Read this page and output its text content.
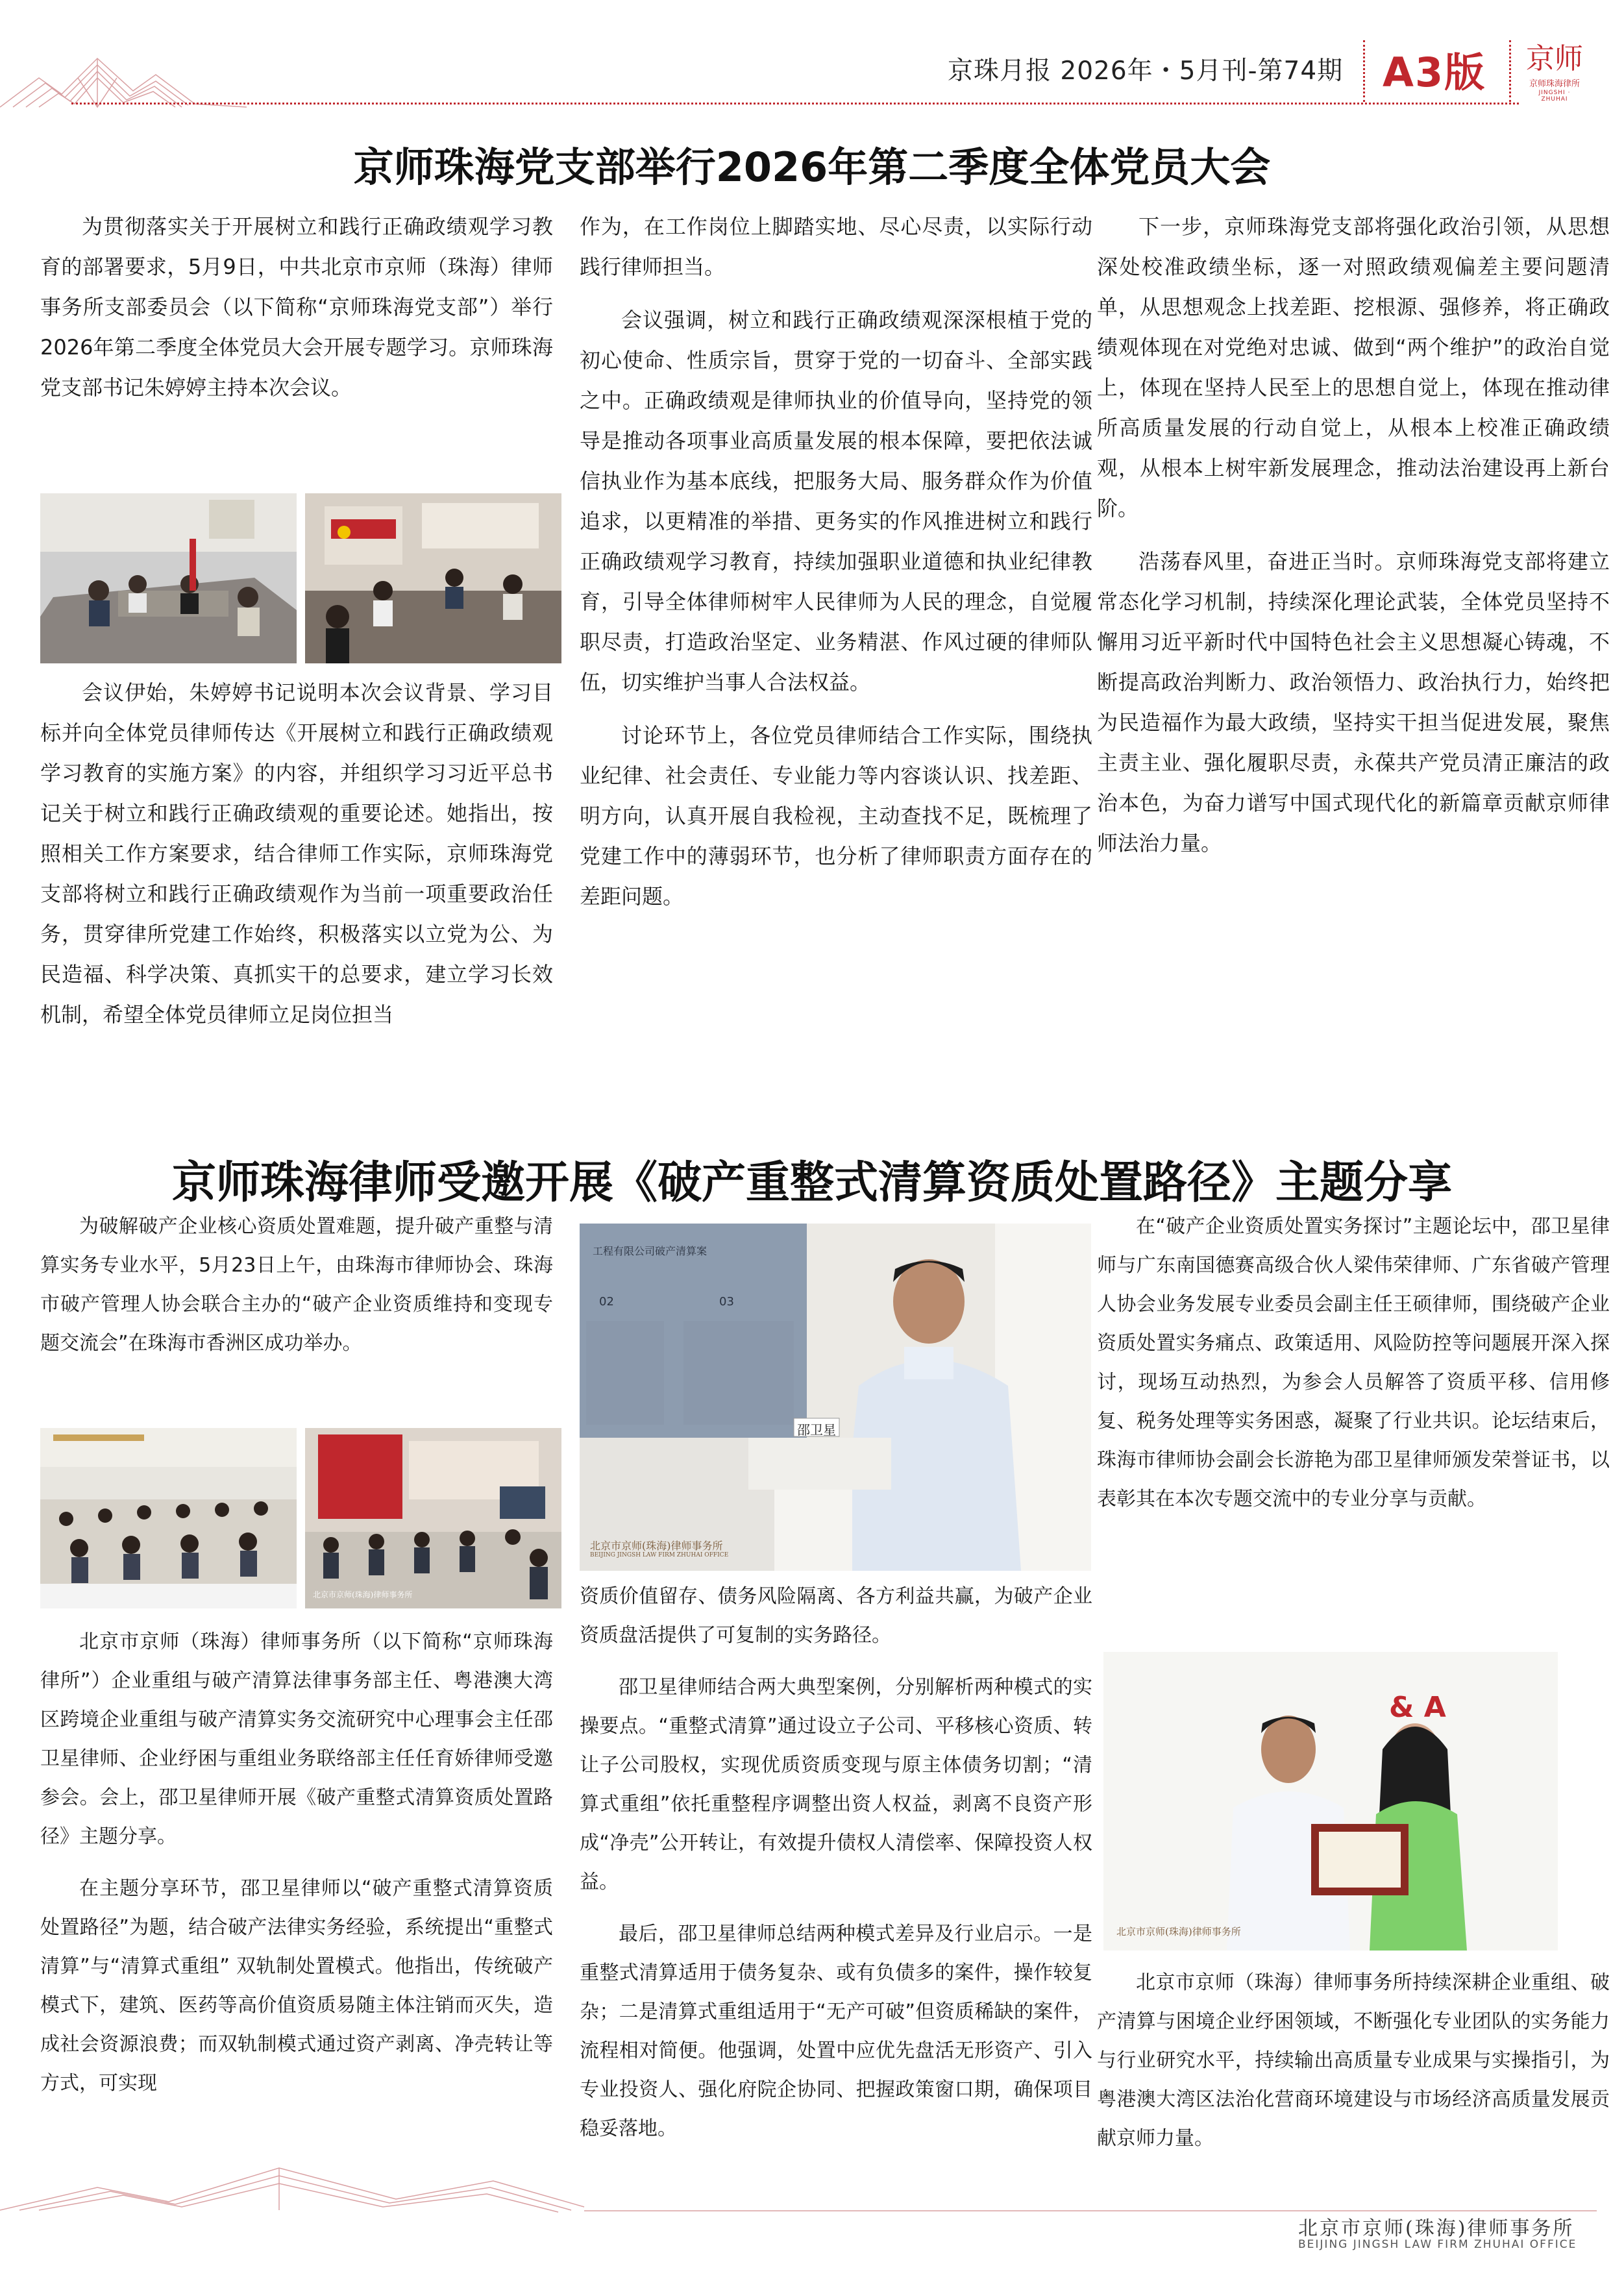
京珠月报 2026年・5月刊-第74期 A3版 京师
京师珠海律所
JINGSHI · ZHUHAI
京师珠海党支部举行2026年第二季度全体党员大会

为贯彻落实关于开展树立和践行正确政绩观学习教育的部署要求，5月9日，中共北京市京师（珠海）律师事务所支部委员会（以下简称“京师珠海党支部”）举行2026年第二季度全体党员大会开展专题学习。京师珠海党支部书记朱婷婷主持本次会议。

会议伊始，朱婷婷书记说明本次会议背景、学习目标并向全体党员律师传达《开展树立和践行正确政绩观学习教育的实施方案》的内容，并组织学习习近平总书记关于树立和践行正确政绩观的重要论述。她指出，按照相关工作方案要求，结合律师工作实际，京师珠海党支部将树立和践行正确政绩观作为当前一项重要政治任务，贯穿律所党建工作始终，积极落实以立党为公、为民造福、科学决策、真抓实干的总要求，建立学习长效机制，希望全体党员律师立足岗位担当

作为，在工作岗位上脚踏实地、尽心尽责，以实际行动践行律师担当。

会议强调，树立和践行正确政绩观深深根植于党的初心使命、性质宗旨，贯穿于党的一切奋斗、全部实践之中。正确政绩观是律师执业的价值导向，坚持党的领导是推动各项事业高质量发展的根本保障，要把依法诚信执业作为基本底线，把服务大局、服务群众作为价值追求，以更精准的举措、更务实的作风推进树立和践行正确政绩观学习教育，持续加强职业道德和执业纪律教育，引导全体律师树牢人民律师为人民的理念，自觉履职尽责，打造政治坚定、业务精湛、作风过硬的律师队伍，切实维护当事人合法权益。

讨论环节上，各位党员律师结合工作实际，围绕执业纪律、社会责任、专业能力等内容谈认识、找差距、明方向，认真开展自我检视，主动查找不足，既梳理了党建工作中的薄弱环节，也分析了律师职责方面存在的差距问题。

下一步，京师珠海党支部将强化政治引领，从思想深处校准政绩坐标，逐一对照政绩观偏差主要问题清单，从思想观念上找差距、挖根源、强修养，将正确政绩观体现在对党绝对忠诚、做到“两个维护”的政治自觉上，体现在坚持人民至上的思想自觉上，体现在推动律所高质量发展的行动自觉上，从根本上校准正确政绩观，从根本上树牢新发展理念，推动法治建设再上新台阶。

浩荡春风里，奋进正当时。京师珠海党支部将建立常态化学习机制，持续深化理论武装，全体党员坚持不懈用习近平新时代中国特色社会主义思想凝心铸魂，不断提高政治判断力、政治领悟力、政治执行力，始终把为民造福作为最大政绩，坚持实干担当促进发展，聚焦主责主业、强化履职尽责，永葆共产党员清正廉洁的政治本色，为奋力谱写中国式现代化的新篇章贡献京师律师法治力量。

京师珠海律师受邀开展《破产重整式清算资质处置路径》主题分享

为破解破产企业核心资质处置难题，提升破产重整与清算实务专业水平，5月23日上午，由珠海市律师协会、珠海市破产管理人协会联合主办的“破产企业资质维持和变现专题交流会”在珠海市香洲区成功举办。

北京市京师(珠海)律师事务所

北京市京师（珠海）律师事务所（以下简称“京师珠海律所”）企业重组与破产清算法律事务部主任、粤港澳大湾区跨境企业重组与破产清算实务交流研究中心理事会主任邵卫星律师、企业纾困与重组业务联络部主任任育娇律师受邀参会。会上，邵卫星律师开展《破产重整式清算资质处置路径》主题分享。

在主题分享环节，邵卫星律师以“破产重整式清算资质处置路径”为题，结合破产法律实务经验，系统提出“重整式清算”与“清算式重组” 双轨制处置模式。他指出，传统破产模式下，建筑、医药等高价值资质易随主体注销而灭失，造成社会资源浪费；而双轨制模式通过资产剥离、净壳转让等方式，可实现

工程有限公司破产清算案
02	03
邵卫星
北京市京师(珠海)律师事务所
BEIJING JINGSH LAW FIRM ZHUHAI OFFICE

资质价值留存、债务风险隔离、各方利益共赢，为破产企业资质盘活提供了可复制的实务路径。

邵卫星律师结合两大典型案例，分别解析两种模式的实操要点。“重整式清算”通过设立子公司、平移核心资质、转让子公司股权，实现优质资质变现与原主体债务切割；“清算式重组”依托重整程序调整出资人权益，剥离不良资产形成“净壳”公开转让，有效提升债权人清偿率、保障投资人权益。

最后，邵卫星律师总结两种模式差异及行业启示。一是重整式清算适用于债务复杂、或有负债多的案件，操作较复杂；二是清算式重组适用于“无产可破”但资质稀缺的案件，流程相对简便。他强调，处置中应优先盘活无形资产、引入专业投资人、强化府院企协同、把握政策窗口期，确保项目稳妥落地。

在“破产企业资质处置实务探讨”主题论坛中，邵卫星律师与广东南国德赛高级合伙人梁伟荣律师、广东省破产管理人协会业务发展专业委员会副主任王硕律师，围绕破产企业资质处置实务痛点、政策适用、风险防控等问题展开深入探讨，现场互动热烈，为参会人员解答了资质平移、信用修复、税务处理等实务困惑，凝聚了行业共识。论坛结束后，珠海市律师协会副会长游艳为邵卫星律师颁发荣誉证书，以表彰其在本次专题交流中的专业分享与贡献。

& A
北京市京师(珠海)律师事务所

北京市京师（珠海）律师事务所持续深耕企业重组、破产清算与困境企业纾困领域，不断强化专业团队的实务能力与行业研究水平，持续输出高质量专业成果与实操指引，为粤港澳大湾区法治化营商环境建设与市场经济高质量发展贡献京师力量。

北京市京师(珠海)律师事务所
BEIJING JINGSH LAW FIRM ZHUHAI OFFICE
